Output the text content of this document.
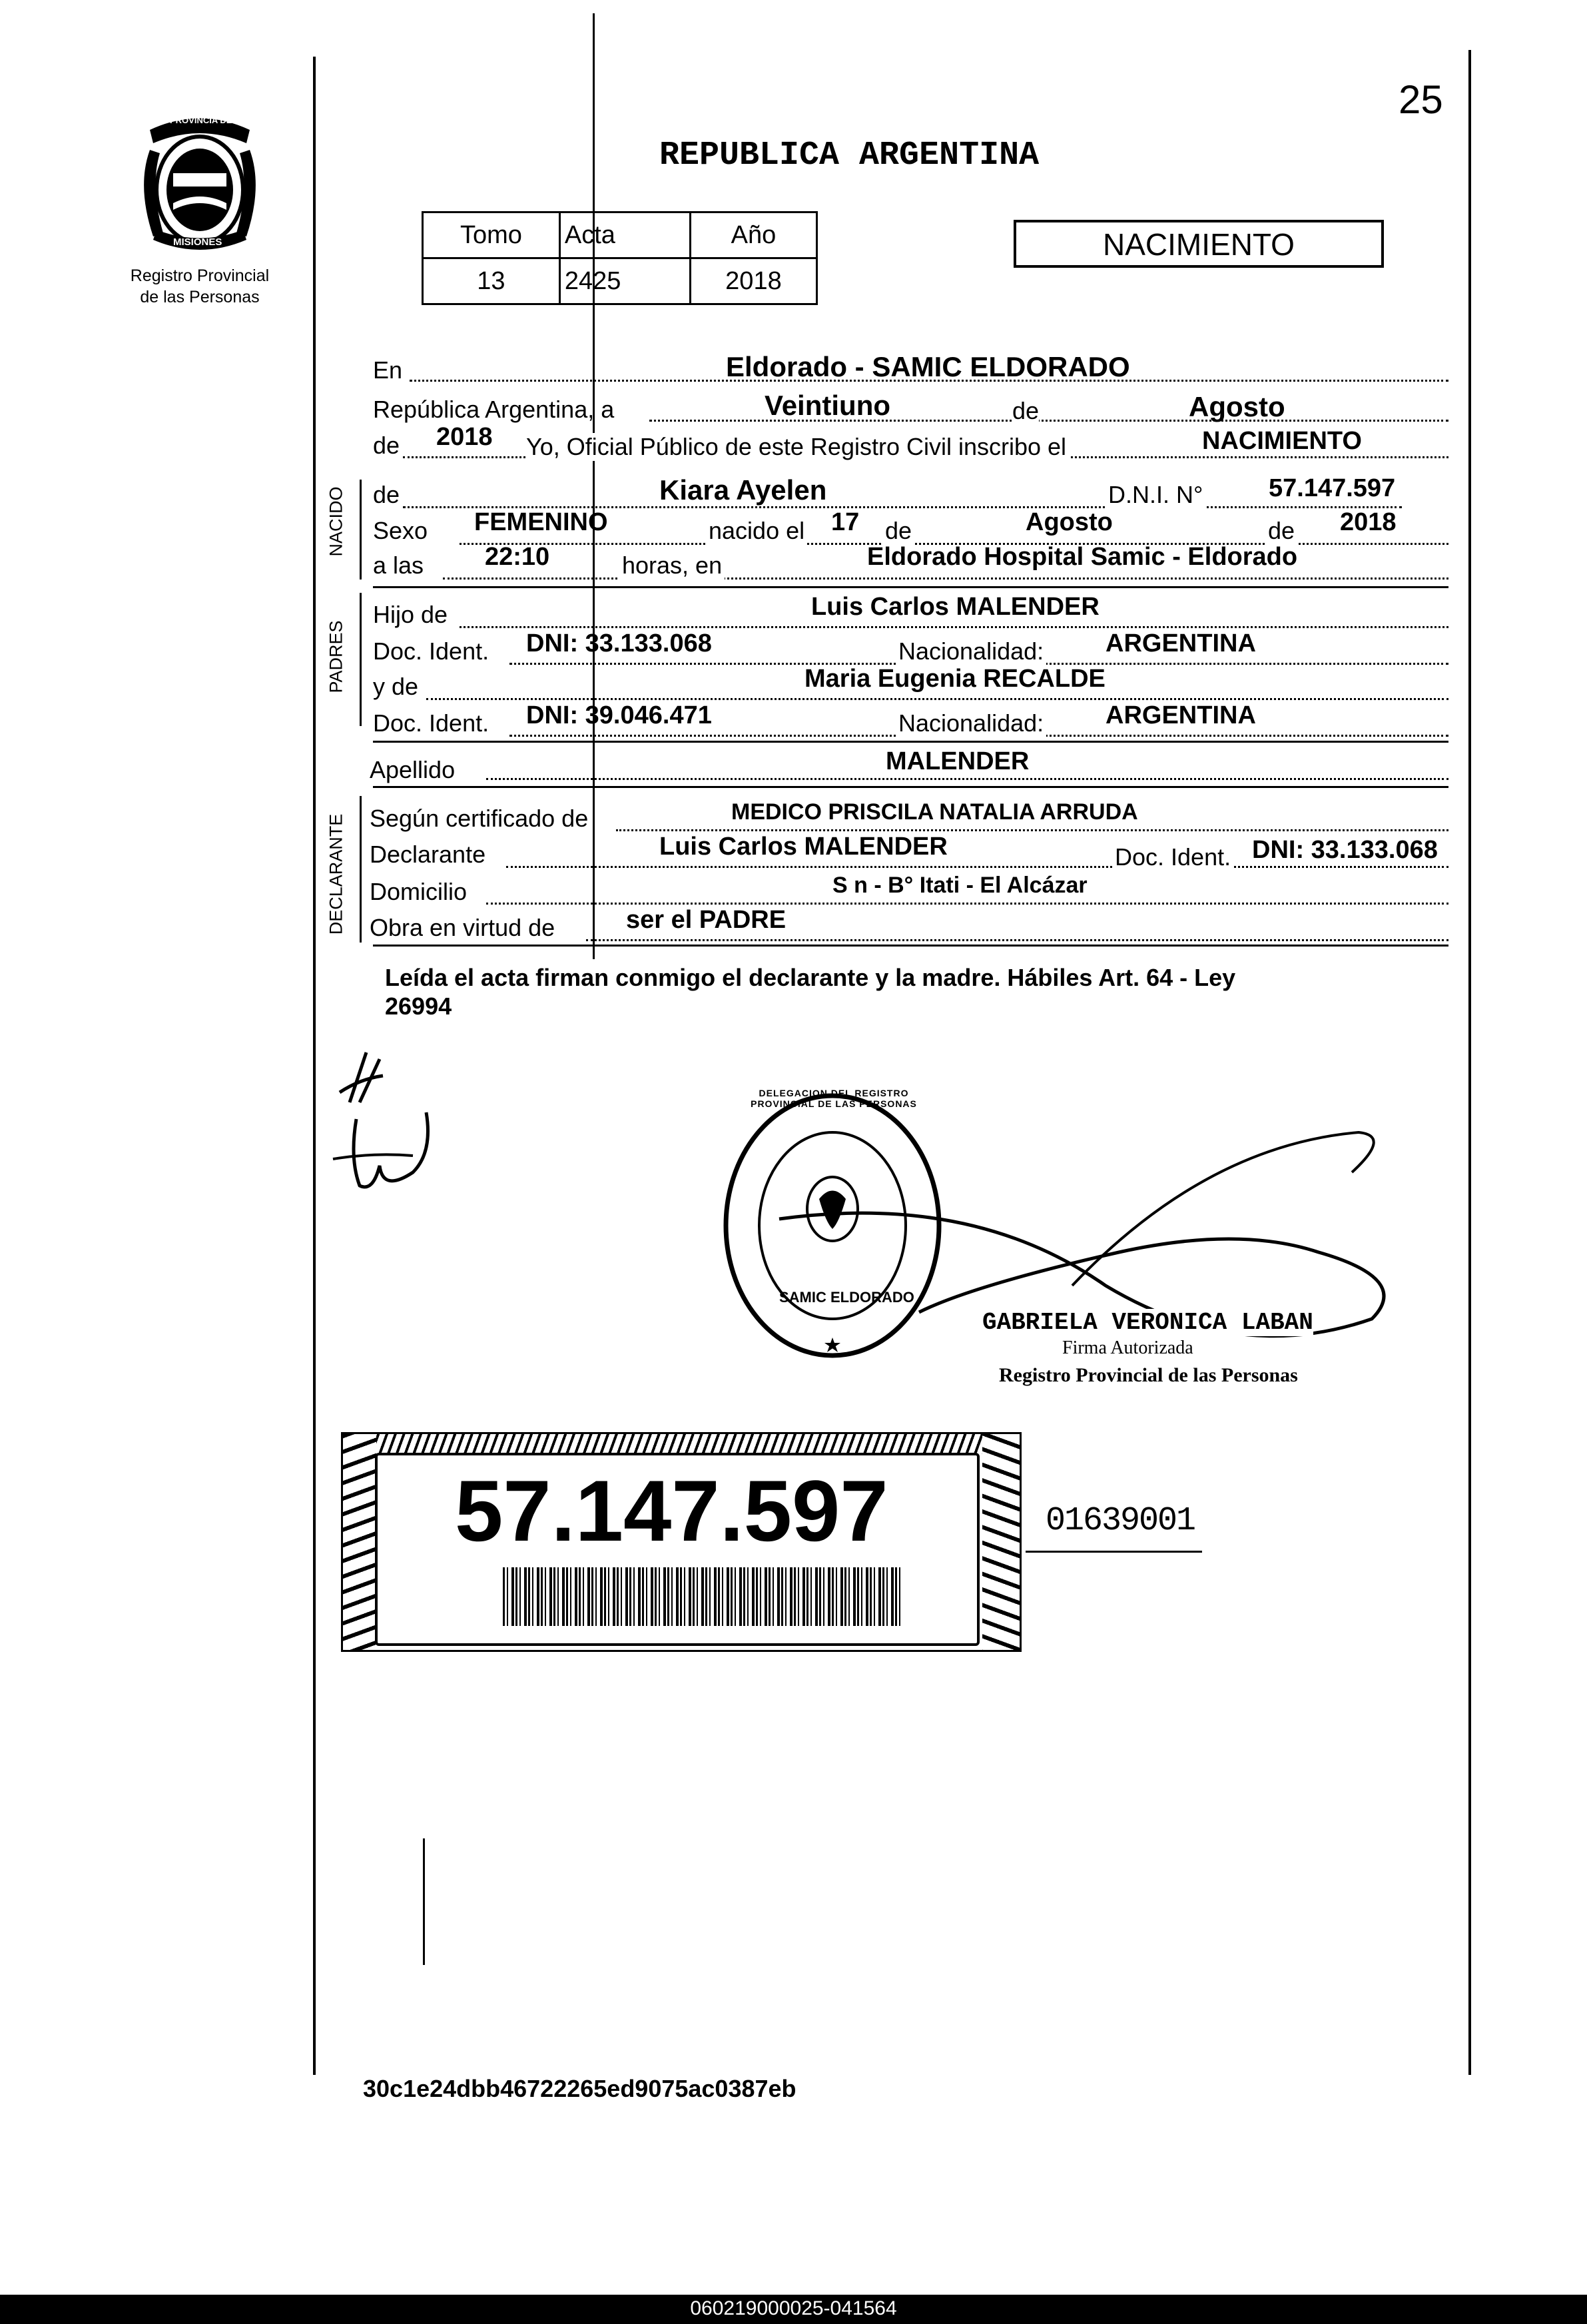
25
PROVINCIA DE
MISIONES
Registro Provincial
de las Personas
REPUBLICA ARGENTINA
Tomo	Acta	Año
13	2425	2018
NACIMIENTO
En	Eldorado - SAMIC ELDORADO
República Argentina, a	Veintiuno	de	Agosto
de 2018 Yo, Oficial Público de este Registro Civil inscribo el	NACIMIENTO
NACIDO de	Kiara Ayelen	D.N.I. N°	57.147.597
Sexo FEMENINO	nacido el 17 de	Agosto	de 2018
a las 22:10	horas, en	Eldorado Hospital Samic - Eldorado
PADRES
Hijo de	Luis Carlos MALENDER
Doc. Ident. DNI: 33.133.068	Nacionalidad: ARGENTINA
y de	Maria Eugenia RECALDE
Doc. Ident. DNI: 39.046.471	Nacionalidad: ARGENTINA
Apellido	MALENDER
DECLARANTE Según certificado de	MEDICO PRISCILA NATALIA ARRUDA
Declarante	Luis Carlos MALENDER	Doc. Ident. DNI: 33.133.068
Domicilio	S n - B° Itati - El Alcázar
Obra en virtud de	ser el PADRE
Leída el acta firman conmigo el declarante y la madre. Hábiles Art. 64 - Ley
26994
DELEGACION DEL REGISTRO PROVINCIAL DE LAS PERSONAS
SAMIC ELDORADO
GABRIELA VERONICA LABAN
Firma Autorizada
Registro Provincial de las Personas
57.147.597	01639001
30c1e24dbb46722265ed9075ac0387eb
060219000025-041564
